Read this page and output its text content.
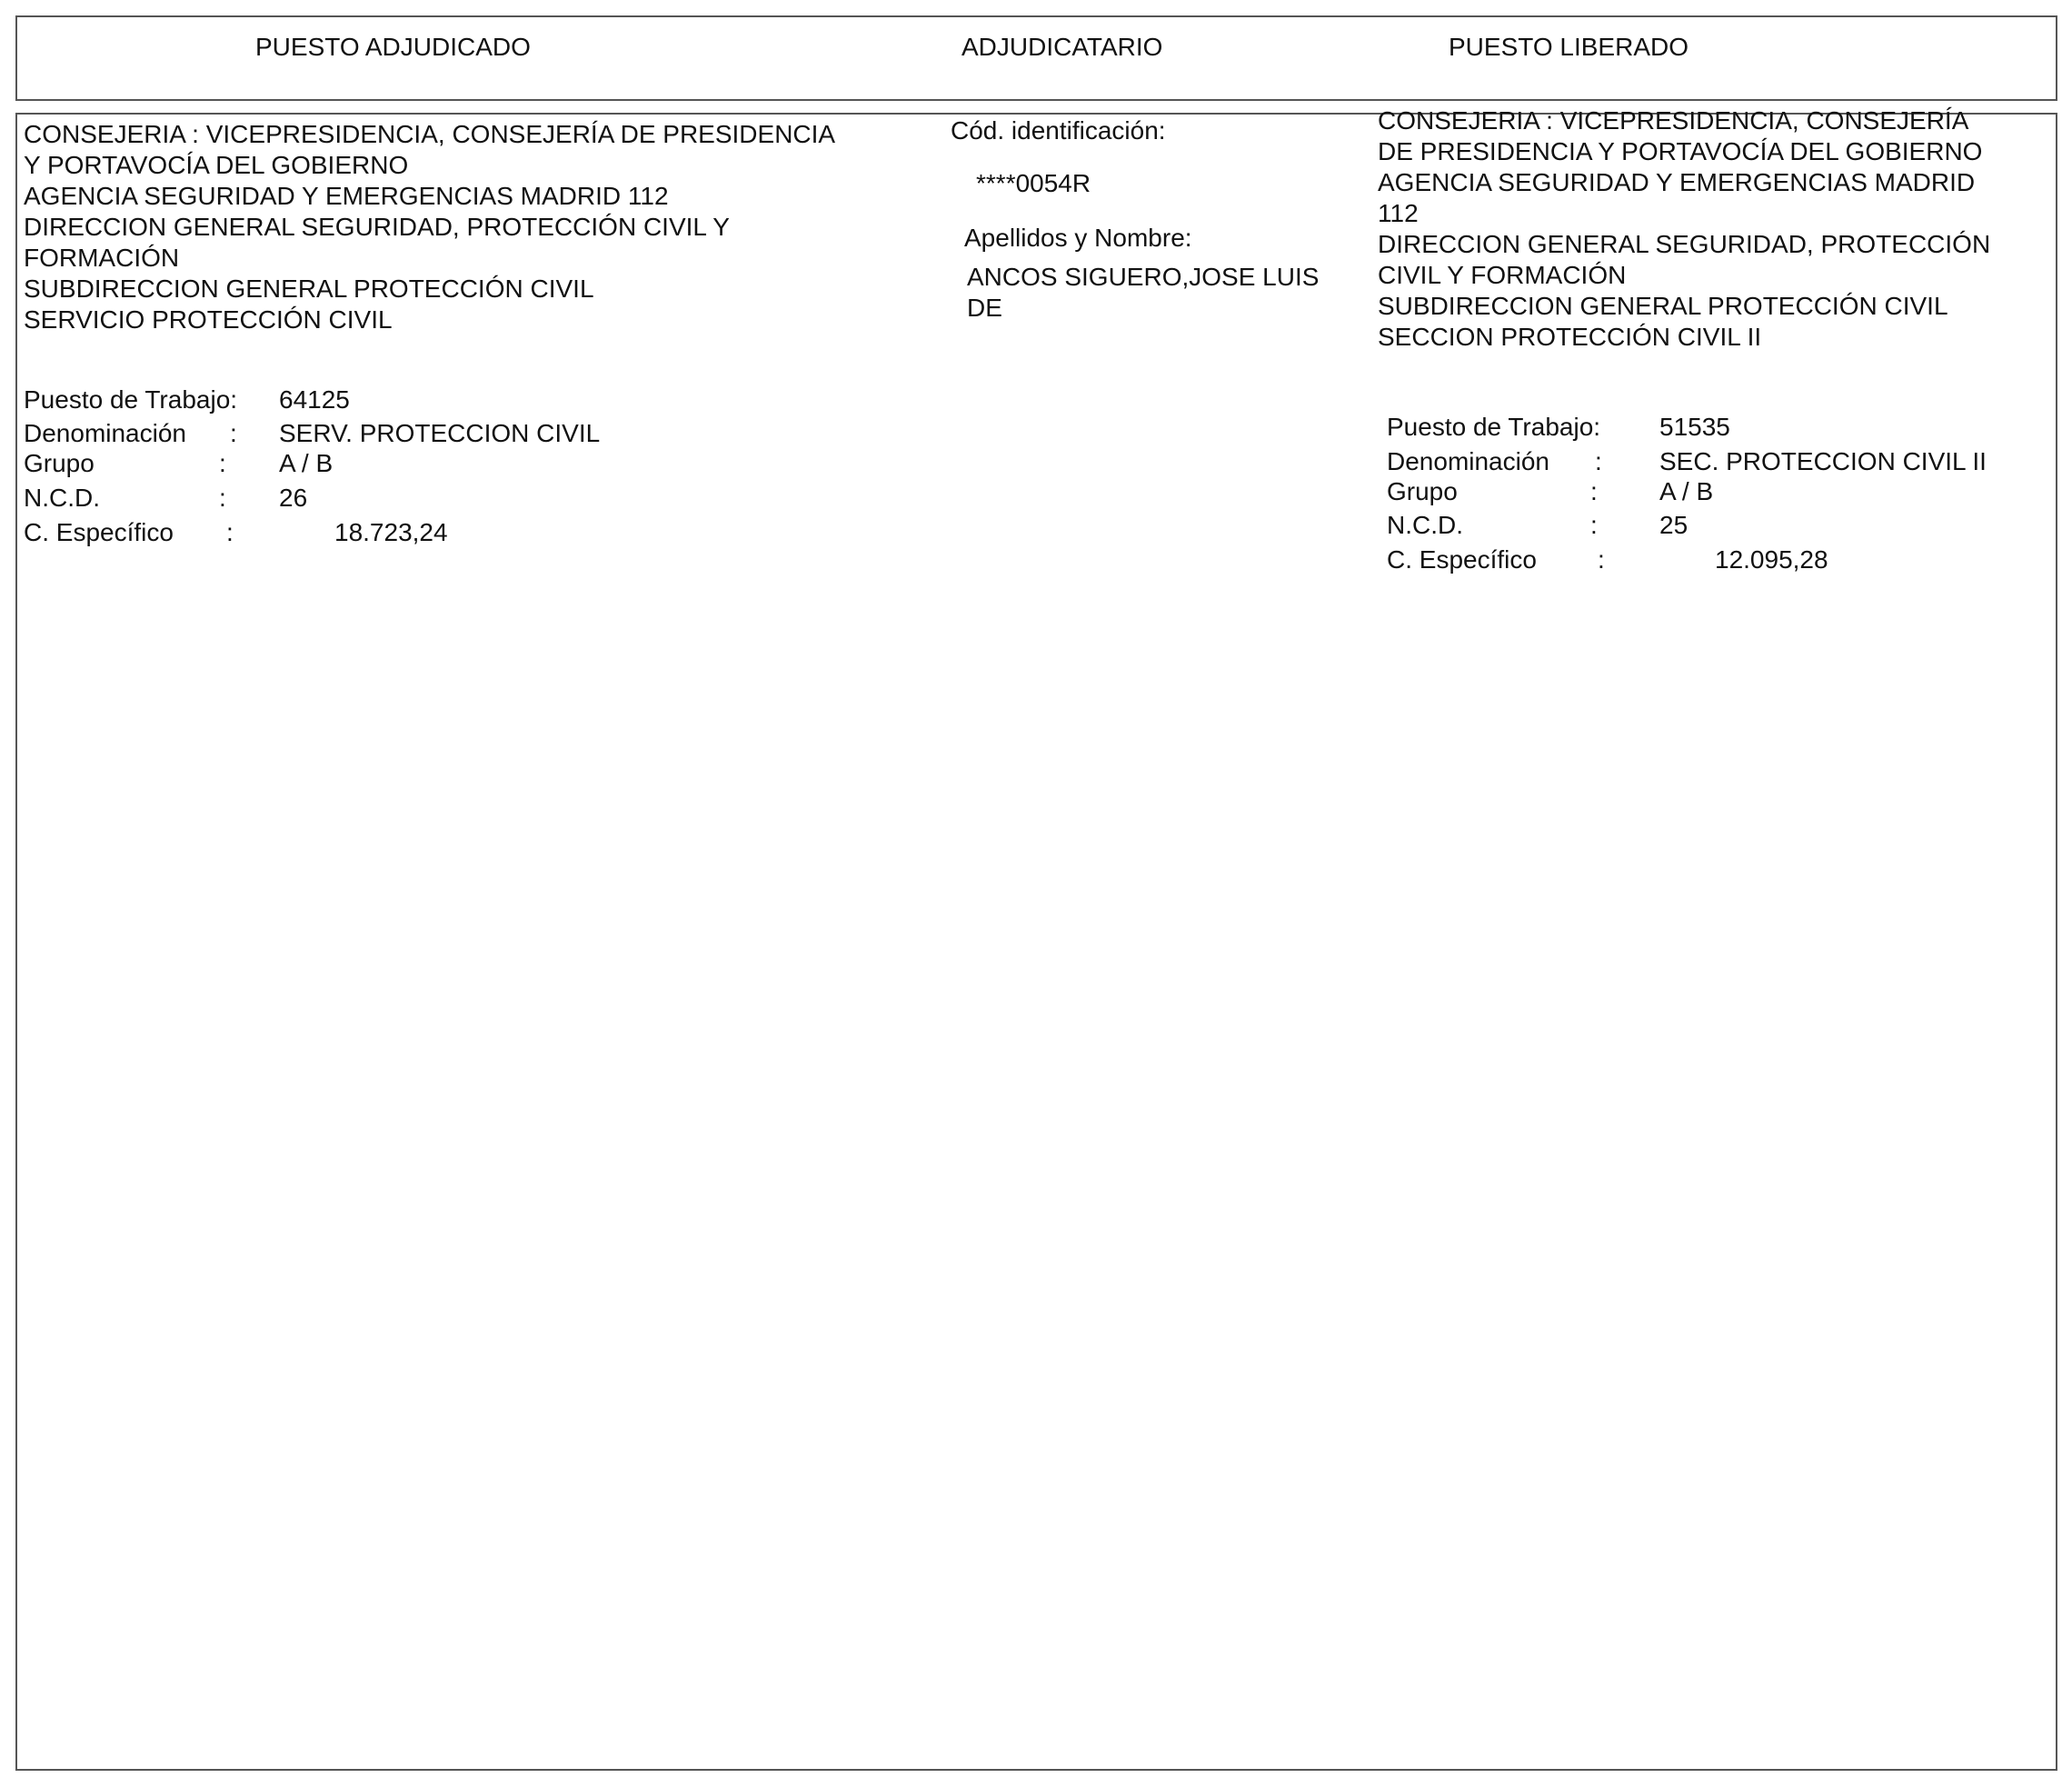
PUESTO ADJUDICADO	ADJUDICATARIO	PUESTO LIBERADO
CONSEJERIA : VICEPRESIDENCIA, CONSEJERÍA DE PRESIDENCIA
Y PORTAVOCÍA DEL GOBIERNO
AGENCIA SEGURIDAD Y EMERGENCIAS MADRID 112
DIRECCION GENERAL SEGURIDAD, PROTECCIÓN CIVIL Y
FORMACIÓN
SUBDIRECCION GENERAL PROTECCIÓN CIVIL
SERVICIO PROTECCIÓN CIVIL
Puesto de Trabajo: 64125
Denominación : SERV. PROTECCION CIVIL
Grupo	: A / B
N.C.D.	: 26
C. Específico :	18.723,24
Cód. identificación:
****0054R
Apellidos y Nombre:
ANCOS SIGUERO,JOSE LUIS
DE
CONSEJERIA : VICEPRESIDENCIA, CONSEJERÍA
DE PRESIDENCIA Y PORTAVOCÍA DEL GOBIERNO
AGENCIA SEGURIDAD Y EMERGENCIAS MADRID
112
DIRECCION GENERAL SEGURIDAD, PROTECCIÓN
CIVIL Y FORMACIÓN
SUBDIRECCION GENERAL PROTECCIÓN CIVIL
SECCION PROTECCIÓN CIVIL II
Puesto de Trabajo: 51535
Denominación : SEC. PROTECCION CIVIL II
Grupo	: A / B
N.C.D.	: 25
C. Específico :	12.095,28
